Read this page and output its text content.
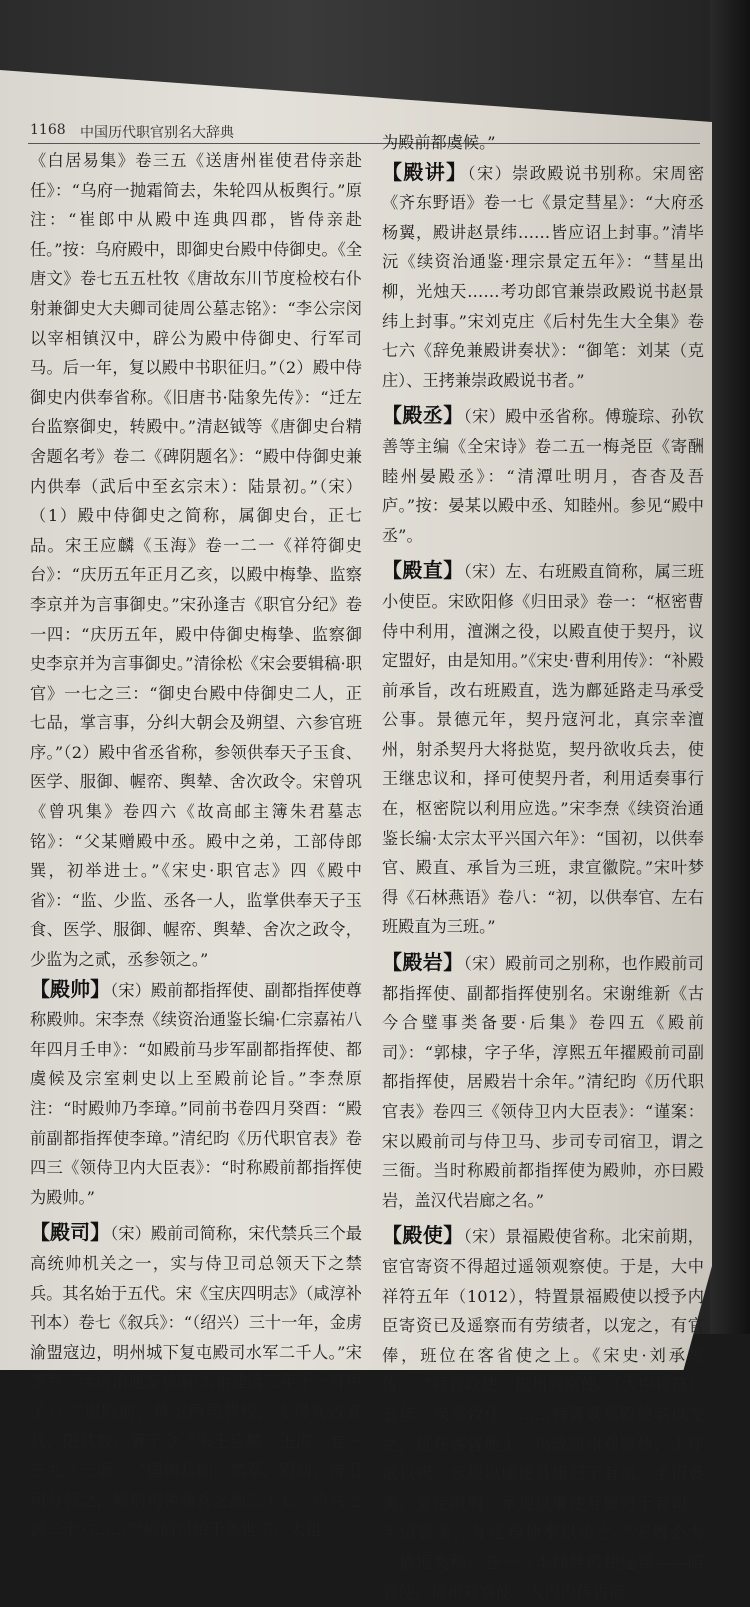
1168 中国历代职官别名大辞典

《白居易集》卷三五《送唐州崔使君侍亲赴任》：“乌府一抛霜简去，朱轮四从板舆行。”原注：“崔郎中从殿中连典四郡，皆侍亲赴任。”按：乌府殿中，即御史台殿中侍御史。《全唐文》卷七五五杜牧《唐故东川节度检校右仆射兼御史大夫卿司徒周公墓志铭》：“李公宗闵以宰相镇汉中，辟公为殿中侍御史、行军司马。后一年，复以殿中书职征归。”（2）殿中侍御史内供奉省称。《旧唐书·陆象先传》：“迁左台监察御史，转殿中。”清赵钺等《唐御史台精舍题名考》卷二《碑阴题名》：“殿中侍御史兼内供奉（武后中至玄宗末）：陆景初。”（宋）（1）殿中侍御史之简称，属御史台，正七品。宋王应麟《玉海》卷一二一《祥符御史台》：“庆历五年正月乙亥，以殿中梅挚、监察李京并为言事御史。”宋孙逢吉《职官分纪》卷一四：“庆历五年，殿中侍御史梅挚、监察御史李京并为言事御史。”清徐松《宋会要辑稿·职官》一七之三：“御史台殿中侍御史二人，正七品，掌言事，分纠大朝会及朔望、六参官班序。”（2）殿中省丞省称，参领供奉天子玉食、医学、服御、幄帟、舆辇、舍次政令。宋曾巩《曾巩集》卷四六《故高邮主簿朱君墓志铭》：“父某赠殿中丞。殿中之弟，工部侍郎巽，初举进士。”《宋史·职官志》四《殿中省》：“监、少监、丞各一人，监掌供奉天子玉食、医学、服御、幄帟、舆辇、舍次之政令，少监为之贰，丞参领之。”

【殿帅】（宋）殿前都指挥使、副都指挥使尊称殿帅。宋李焘《续资治通鉴长编·仁宗嘉祐八年四月壬申》：“如殿前马步军副都指挥使、都虞候及宗室刺史以上至殿前论旨。”李焘原注：“时殿帅乃李璋。”同前书卷四月癸酉：“殿前副都指挥使李璋。”清纪昀《历代职官表》卷四三《领侍卫内大臣表》：“时称殿前都指挥使为殿帅。”

【殿司】（宋）殿前司简称，宋代禁兵三个最高统帅机关之一，实与侍卫司总领天下之禁兵。其名始于五代。宋《宝庆四明志》（咸淳补刊本）卷七《叙兵》：“（绍兴）三十一年，金虏渝盟寇边，明州城下复屯殿司水军二千人。”宋李焘《续资治通鉴长编·太祖建隆三年十一月甲子》：“诏殿前、侍卫两司将校，无得冗占直兵，限其数，著于令。”宋王应麟《玉海》卷一三九《三衙》：“国朝兵制，禁军，殿前、侍卫司分领之，殿前司领骑兵之额三十七，步兵之额二十六……”“殿前司始于周世宗，太祖

为殿前都虞候。”

【殿讲】（宋）崇政殿说书别称。宋周密《齐东野语》卷一七《景定彗星》：“大府丞杨翼，殿讲赵景纬……皆应诏上封事。”清毕沅《续资治通鉴·理宗景定五年》：“彗星出柳，光烛天……考功郎官兼崇政殿说书赵景纬上封事。”宋刘克庄《后村先生大全集》卷七六《辞免兼殿讲奏状》：“御笔：刘某（克庄）、王拷兼崇政殿说书者。”

【殿丞】（宋）殿中丞省称。傅璇琮、孙钦善等主编《全宋诗》卷二五一梅尧臣《寄酬睦州晏殿丞》：“清潭吐明月，杳杳及吾庐。”按：晏某以殿中丞、知睦州。参见“殿中丞”。

【殿直】（宋）左、右班殿直简称，属三班小使臣。宋欧阳修《归田录》卷一：“枢密曹侍中利用，澶渊之役，以殿直使于契丹，议定盟好，由是知用。”《宋史·曹利用传》：“补殿前承旨，改右班殿直，选为鄜延路走马承受公事。景德元年，契丹寇河北，真宗幸澶州，射杀契丹大将挞览，契丹欲收兵去，使王继忠议和，择可使契丹者，利用适奏事行在，枢密院以利用应选。”宋李焘《续资治通鉴长编·太宗太平兴国六年》：“国初，以供奉官、殿直、承旨为三班，隶宣徽院。”宋叶梦得《石林燕语》卷八：“初，以供奉官、左右班殿直为三班。”

【殿岩】（宋）殿前司之别称，也作殿前司都指挥使、副都指挥使别名。宋谢维新《古今合璧事类备要·后集》卷四五《殿前司》：“郭棣，字子华，淳熙五年擢殿前司副都指挥使，居殿岩十余年。”清纪昀《历代职官表》卷四三《领侍卫内大臣表》：“谨案：宋以殿前司与侍卫马、步司专司宿卫，谓之三衙。当时称殿前都指挥使为殿帅，亦曰殿岩，盖汉代岩廊之名。”

【殿使】（宋）景福殿使省称。北宋前期，宦官寄资不得超过遥领观察使。于是，大中祥符五年（1012），特置景福殿使以授予内臣寄资已及遥察而有劳绩者，以宠之，有官俸，班位在客省使之上。《宋史·刘承规传》：“拜宣政使、应州观察使。（大中祥符）五年，疾求致仕。……特置景福殿使名以宠之，班在客省使上。仍改新州观察使，上作歌以赐。承规以廉使月廪归于有司，手诏褒美，复定殿赐。承规以廉使月廪归于有司，手诏褒美，复定殿使奉以给之。”宋周必大《掖垣类稿》卷一《李绎转殿使遥郡——昭宣使、福州观察使、入内内侍省都
